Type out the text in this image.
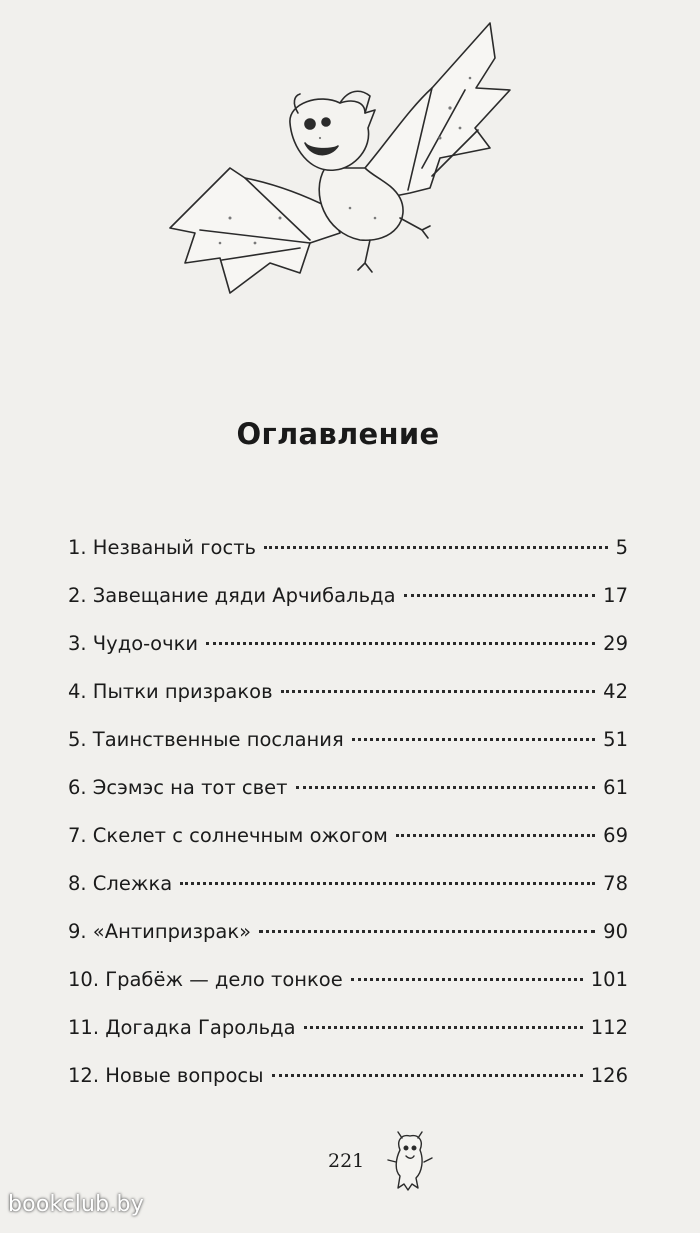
Оглавление
1. Незваный гость	5
2. Завещание дяди Арчибальда	17
3. Чудо-очки	29
4. Пытки призраков	42
5. Таинственные послания	51
6. Эсэмэс на тот свет	61
7. Скелет с солнечным ожогом	69
8. Слежка	78
9. «Антипризрак»	90
10. Грабёж — дело тонкое	101
11. Догадка Гарольда	112
12. Новые вопросы	126
221
bookclub.by
